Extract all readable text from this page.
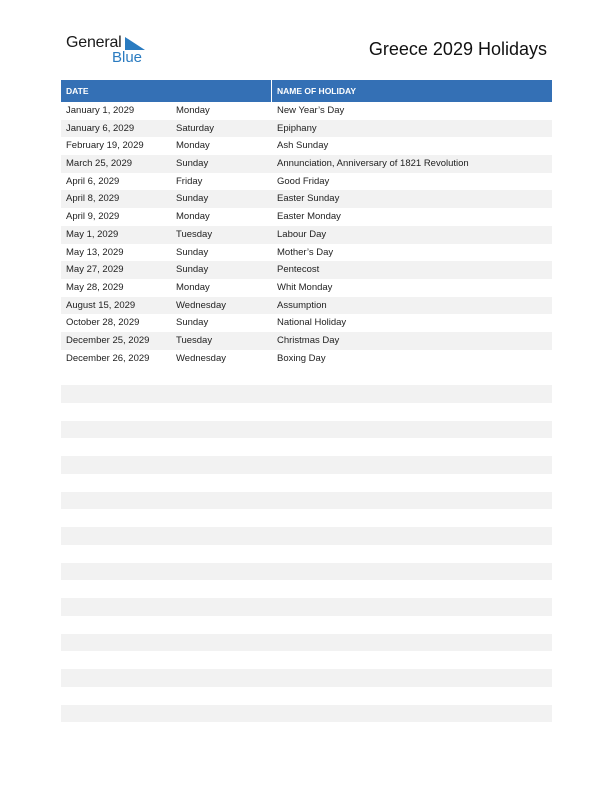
General
Blue	Greece 2029 Holidays
DATE	NAME OF HOLIDAY
January 1, 2029	Monday	New Year’s Day
January 6, 2029	Saturday	Epiphany
February 19, 2029	Monday	Ash Sunday
March 25, 2029	Sunday	Annunciation, Anniversary of 1821 Revolution
April 6, 2029	Friday	Good Friday
April 8, 2029	Sunday	Easter Sunday
April 9, 2029	Monday	Easter Monday
May 1, 2029	Tuesday	Labour Day
May 13, 2029	Sunday	Mother’s Day
May 27, 2029	Sunday	Pentecost
May 28, 2029	Monday	Whit Monday
August 15, 2029	Wednesday	Assumption
October 28, 2029	Sunday	National Holiday
December 25, 2029	Tuesday	Christmas Day
December 26, 2029	Wednesday	Boxing Day
